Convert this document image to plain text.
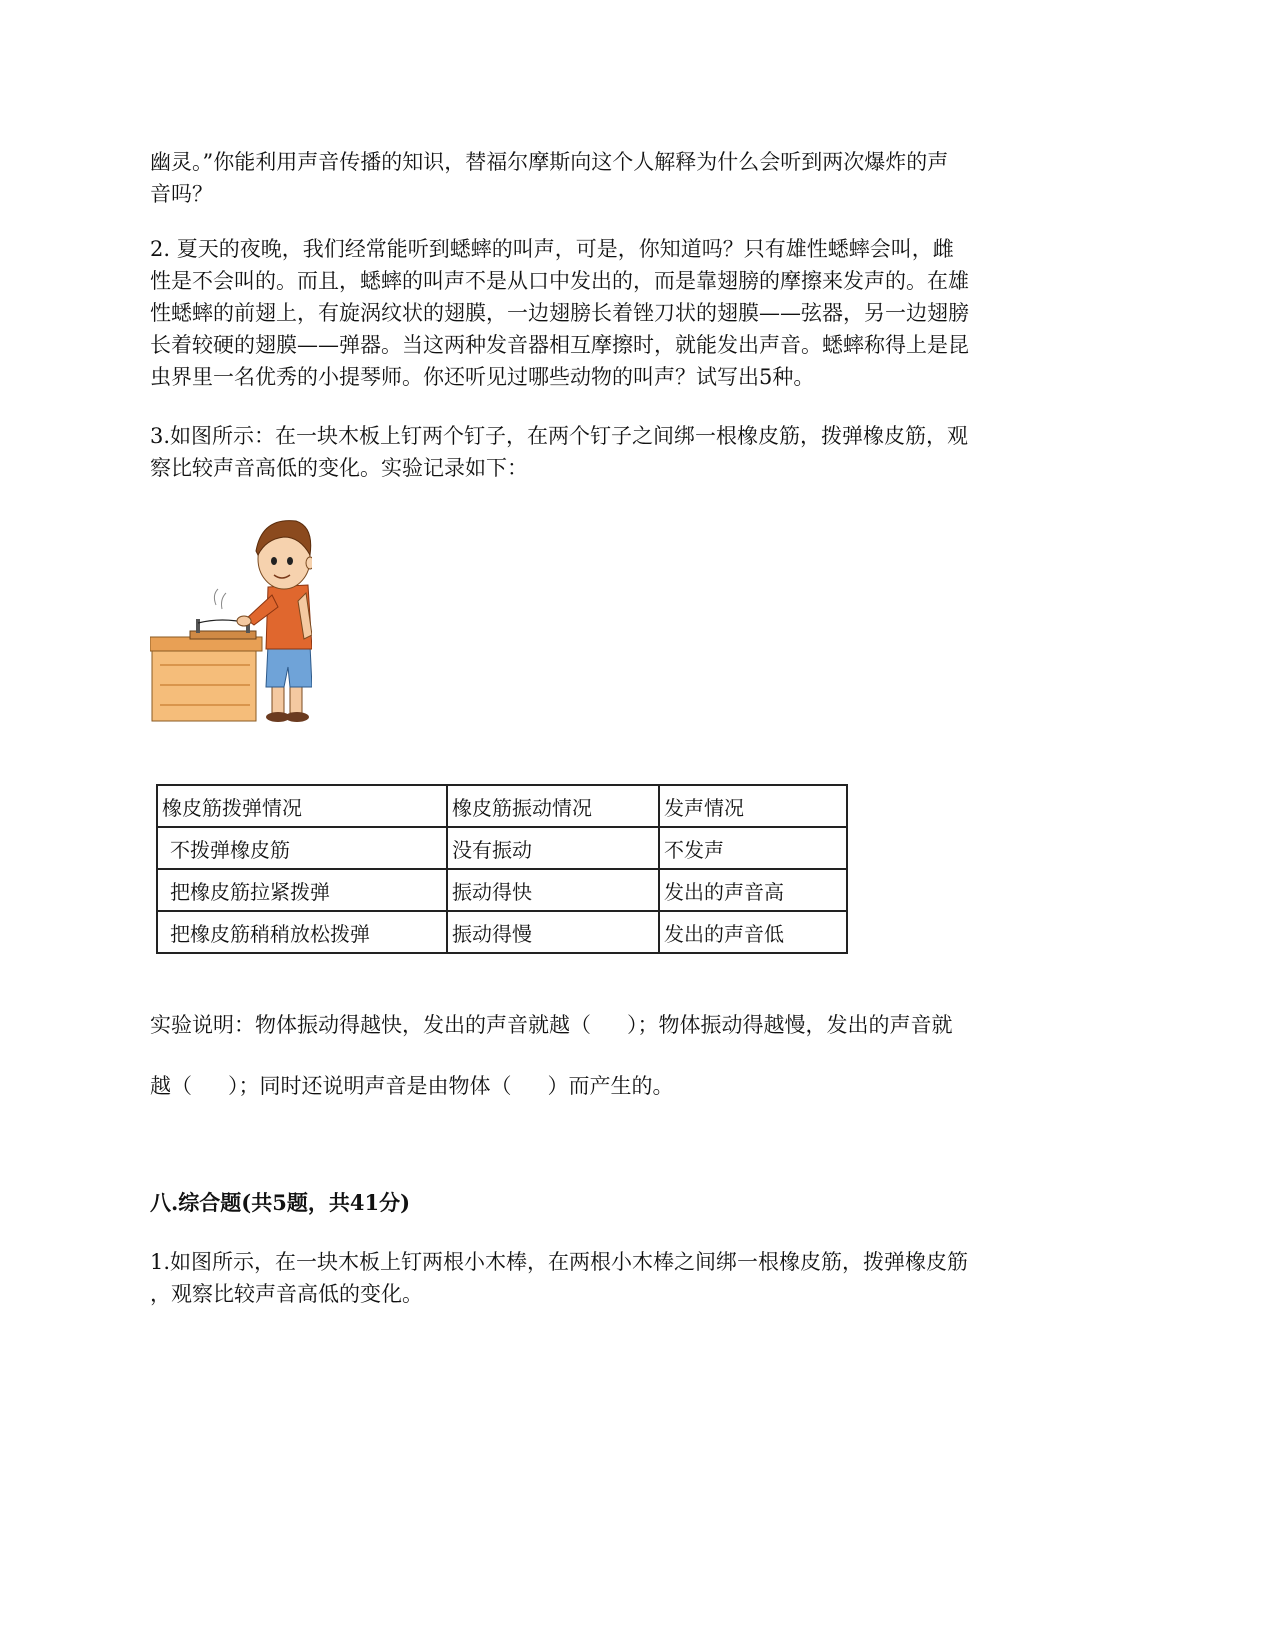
幽灵。”你能利用声音传播的知识，替福尔摩斯向这个人解释为什么会听到两次爆炸的声
音吗？

2. 夏天的夜晚，我们经常能听到蟋蟀的叫声，可是，你知道吗？只有雄性蟋蟀会叫，雌
性是不会叫的。而且，蟋蟀的叫声不是从口中发出的，而是靠翅膀的摩擦来发声的。在雄
性蟋蟀的前翅上，有旋涡纹状的翅膜，一边翅膀长着锉刀状的翅膜——弦器，另一边翅膀
长着较硬的翅膜——弹器。当这两种发音器相互摩擦时，就能发出声音。蟋蟀称得上是昆
虫界里一名优秀的小提琴师。你还听见过哪些动物的叫声？试写出5种。

3.如图所示：在一块木板上钉两个钉子，在两个钉子之间绑一根橡皮筋，拨弹橡皮筋，观
察比较声音高低的变化。实验记录如下：

橡皮筋拨弹情况	橡皮筋振动情况	发声情况
不拨弹橡皮筋	没有振动	不发声
把橡皮筋拉紧拨弹	振动得快	发出的声音高
把橡皮筋稍稍放松拨弹	振动得慢	发出的声音低

实验说明：物体振动得越快，发出的声音就越（ ）；物体振动得越慢，发出的声音就

越（ ）；同时还说明声音是由物体（ ）而产生的。

八.综合题(共5题，共41分)

1.如图所示，在一块木板上钉两根小木棒，在两根小木棒之间绑一根橡皮筋，拨弹橡皮筋
，观察比较声音高低的变化。
